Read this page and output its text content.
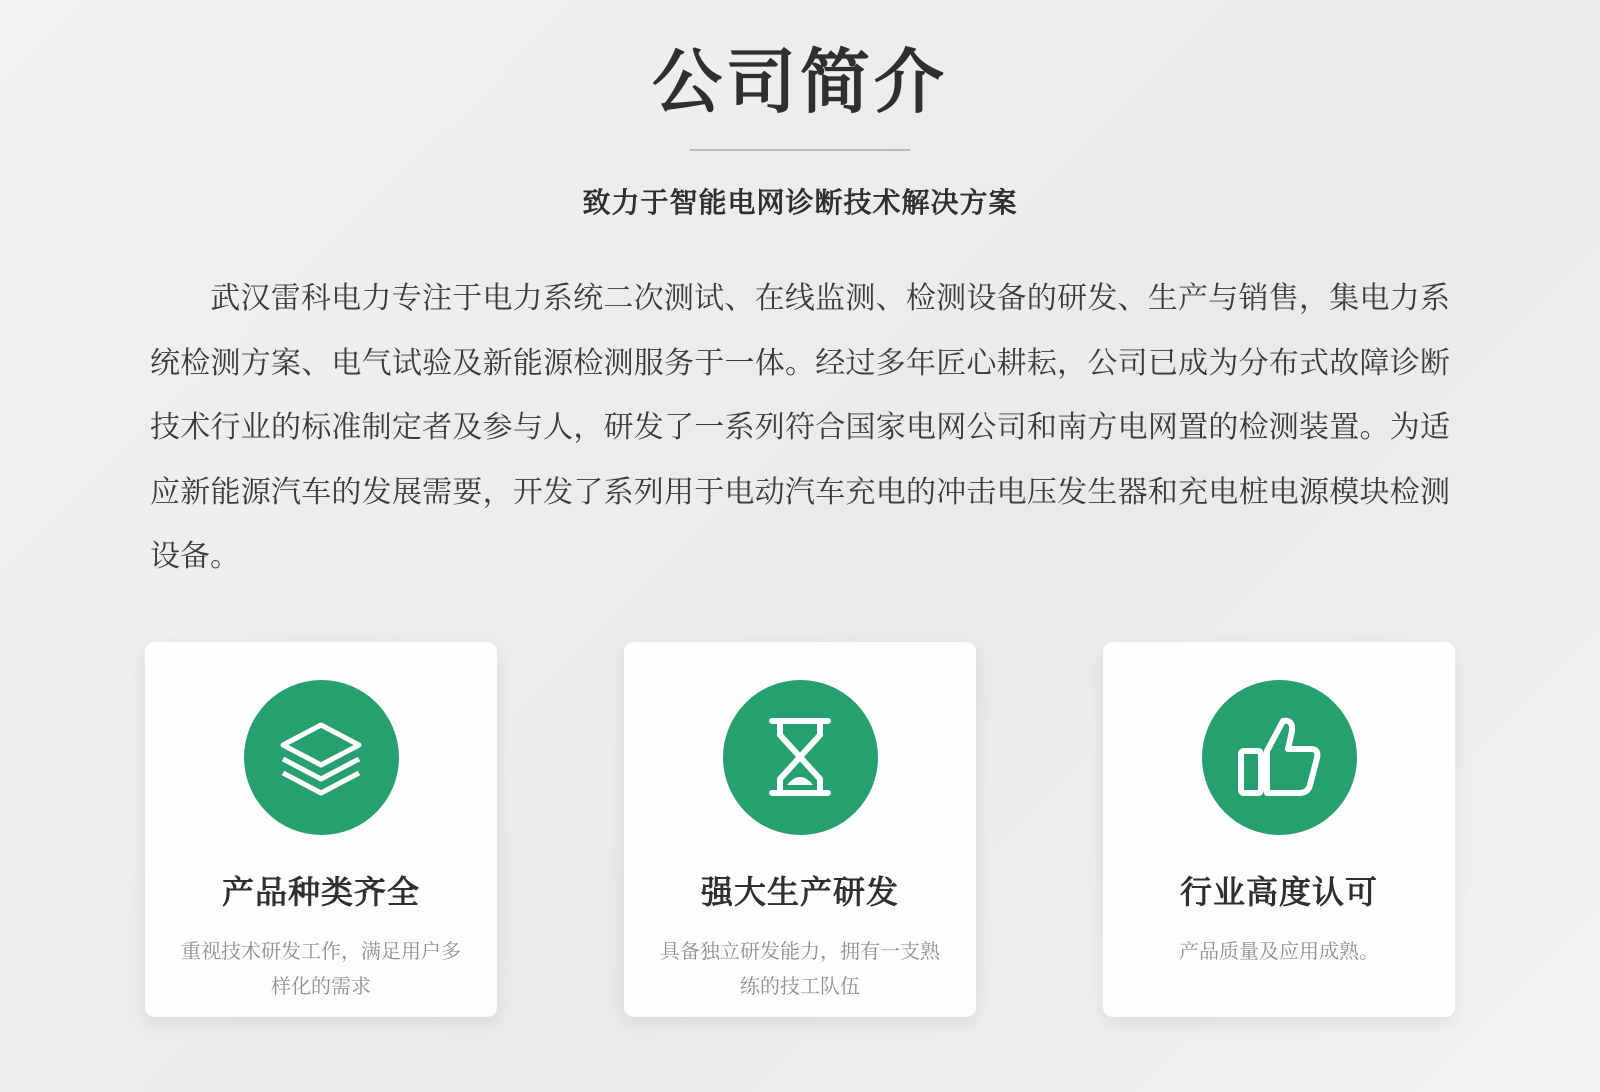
公司简介
致力于智能电网诊断技术解决方案
武汉雷科电力专注于电力系统二次测试、在线监测、检测设备的研发、生产与销售，集电力系统检测方案、电气试验及新能源检测服务于一体。经过多年匠心耕耘，公司已成为分布式故障诊断技术行业的标准制定者及参与人，研发了一系列符合国家电网公司和南方电网置的检测装置。为适应新能源汽车的发展需要，开发了系列用于电动汽车充电的冲击电压发生器和充电桩电源模块检测设备。
产品种类齐全
重视技术研发工作，满足用户多样化的需求
强大生产研发
具备独立研发能力，拥有一支熟练的技工队伍
行业高度认可
产品质量及应用成熟。
